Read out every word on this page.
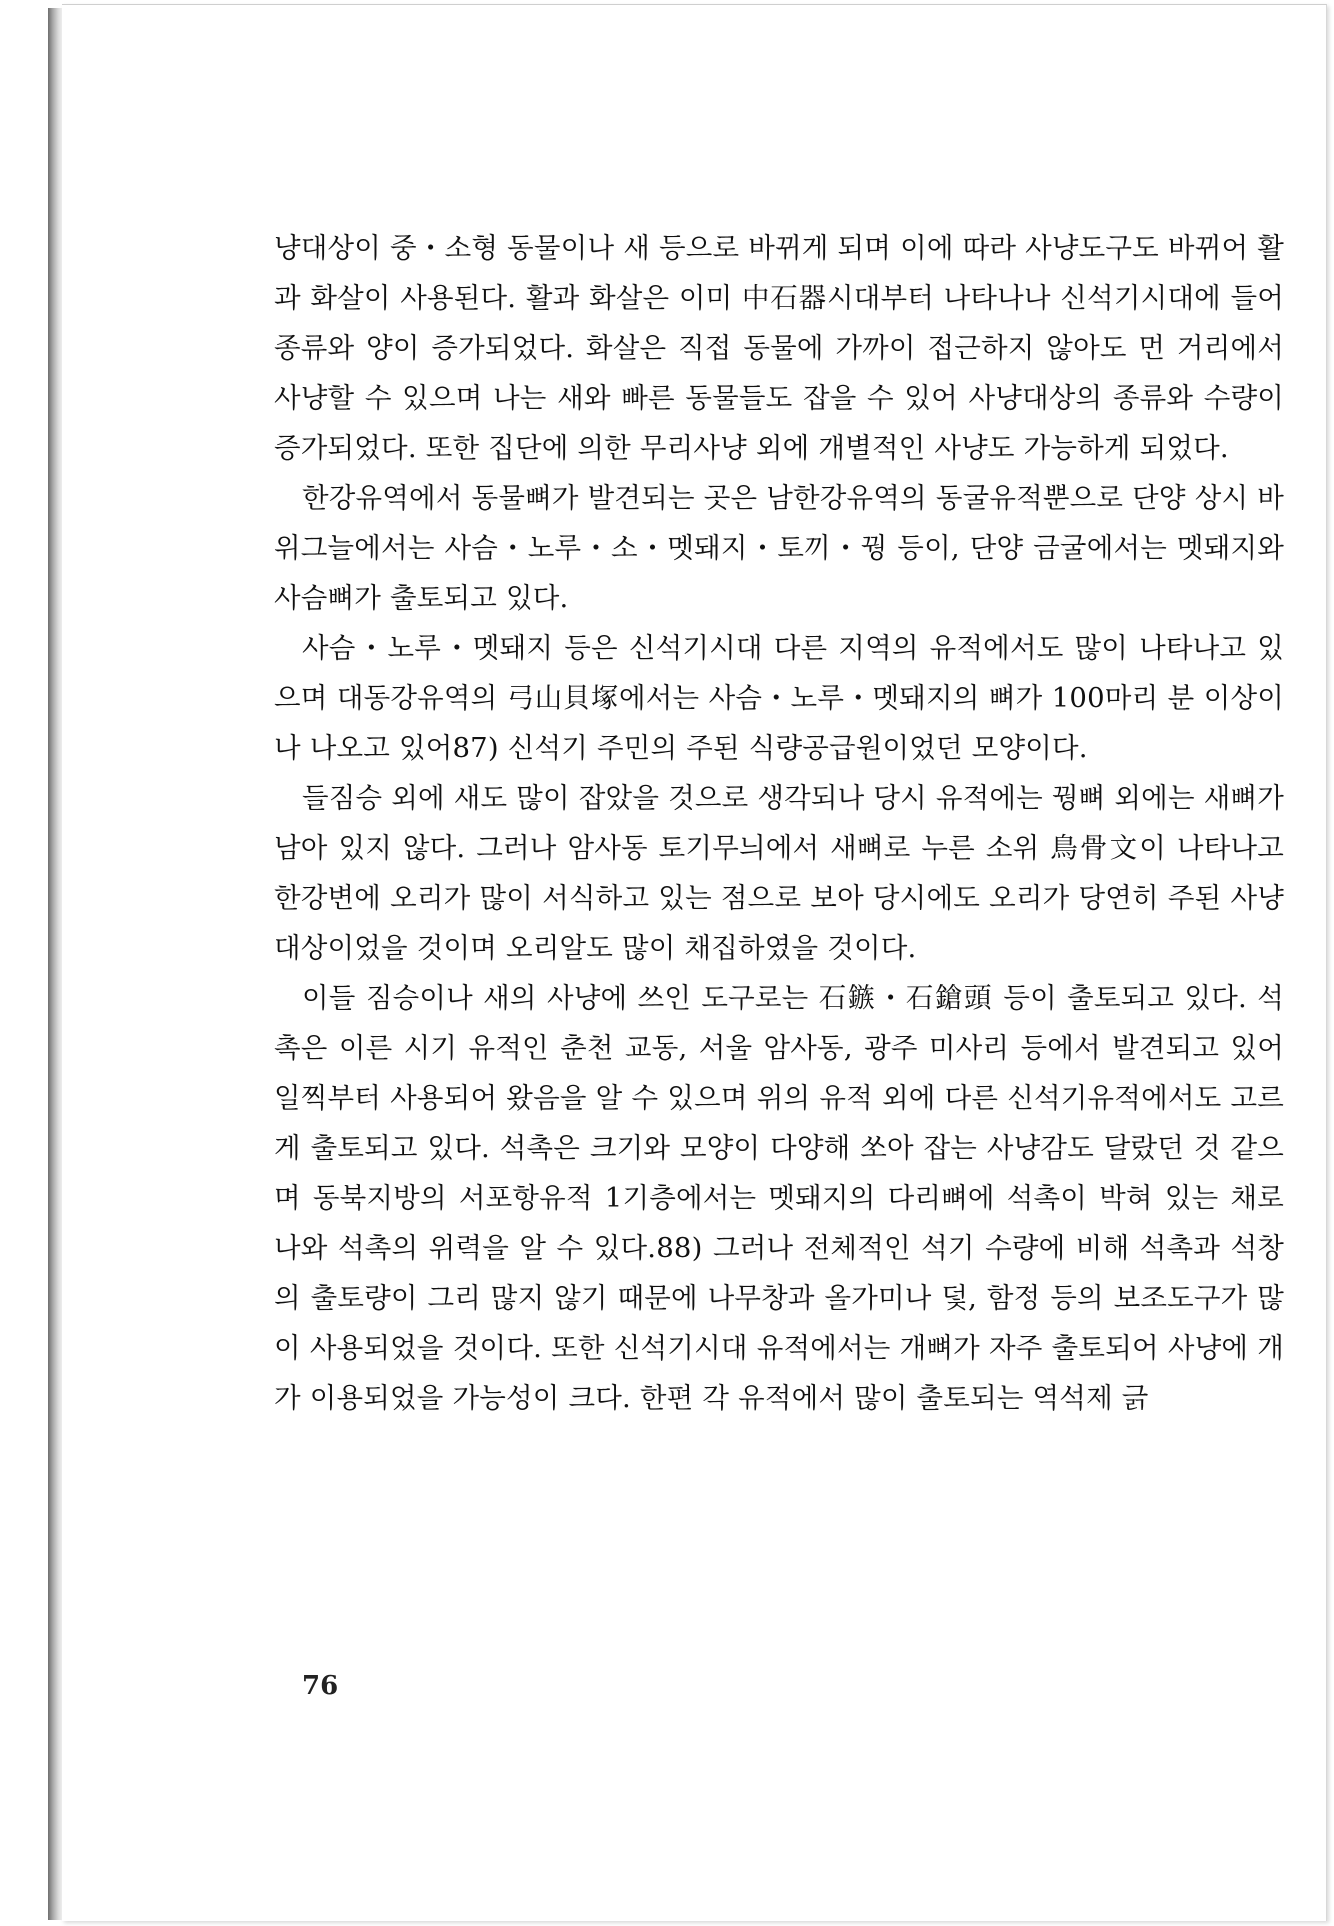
냥대상이 중・소형 동물이나 새 등으로 바뀌게 되며 이에 따라 사냥도구도 바뀌어 활과 화살이 사용된다. 활과 화살은 이미 中石器시대부터 나타나나 신석기시대에 들어 종류와 양이 증가되었다. 화살은 직접 동물에 가까이 접근하지 않아도 먼 거리에서 사냥할 수 있으며 나는 새와 빠른 동물들도 잡을 수 있어 사냥대상의 종류와 수량이 증가되었다. 또한 집단에 의한 무리사냥 외에 개별적인 사냥도 가능하게 되었다.

한강유역에서 동물뼈가 발견되는 곳은 남한강유역의 동굴유적뿐으로 단양 상시 바위그늘에서는 사슴・노루・소・멧돼지・토끼・꿩 등이, 단양 금굴에서는 멧돼지와 사슴뼈가 출토되고 있다.

사슴・노루・멧돼지 등은 신석기시대 다른 지역의 유적에서도 많이 나타나고 있으며 대동강유역의 弓山貝塚에서는 사슴・노루・멧돼지의 뼈가 100마리 분 이상이나 나오고 있어87) 신석기 주민의 주된 식량공급원이었던 모양이다.

들짐승 외에 새도 많이 잡았을 것으로 생각되나 당시 유적에는 꿩뼈 외에는 새뼈가 남아 있지 않다. 그러나 암사동 토기무늬에서 새뼈로 누른 소위 鳥骨文이 나타나고 한강변에 오리가 많이 서식하고 있는 점으로 보아 당시에도 오리가 당연히 주된 사냥대상이었을 것이며 오리알도 많이 채집하였을 것이다.

이들 짐승이나 새의 사냥에 쓰인 도구로는 石鏃・石鎗頭 등이 출토되고 있다. 석촉은 이른 시기 유적인 춘천 교동, 서울 암사동, 광주 미사리 등에서 발견되고 있어 일찍부터 사용되어 왔음을 알 수 있으며 위의 유적 외에 다른 신석기유적에서도 고르게 출토되고 있다. 석촉은 크기와 모양이 다양해 쏘아 잡는 사냥감도 달랐던 것 같으며 동북지방의 서포항유적 1기층에서는 멧돼지의 다리뼈에 석촉이 박혀 있는 채로 나와 석촉의 위력을 알 수 있다.88) 그러나 전체적인 석기 수량에 비해 석촉과 석창의 출토량이 그리 많지 않기 때문에 나무창과 올가미나 덫, 함정 등의 보조도구가 많이 사용되었을 것이다. 또한 신석기시대 유적에서는 개뼈가 자주 출토되어 사냥에 개가 이용되었을 가능성이 크다. 한편 각 유적에서 많이 출토되는 역석제 긁

76
